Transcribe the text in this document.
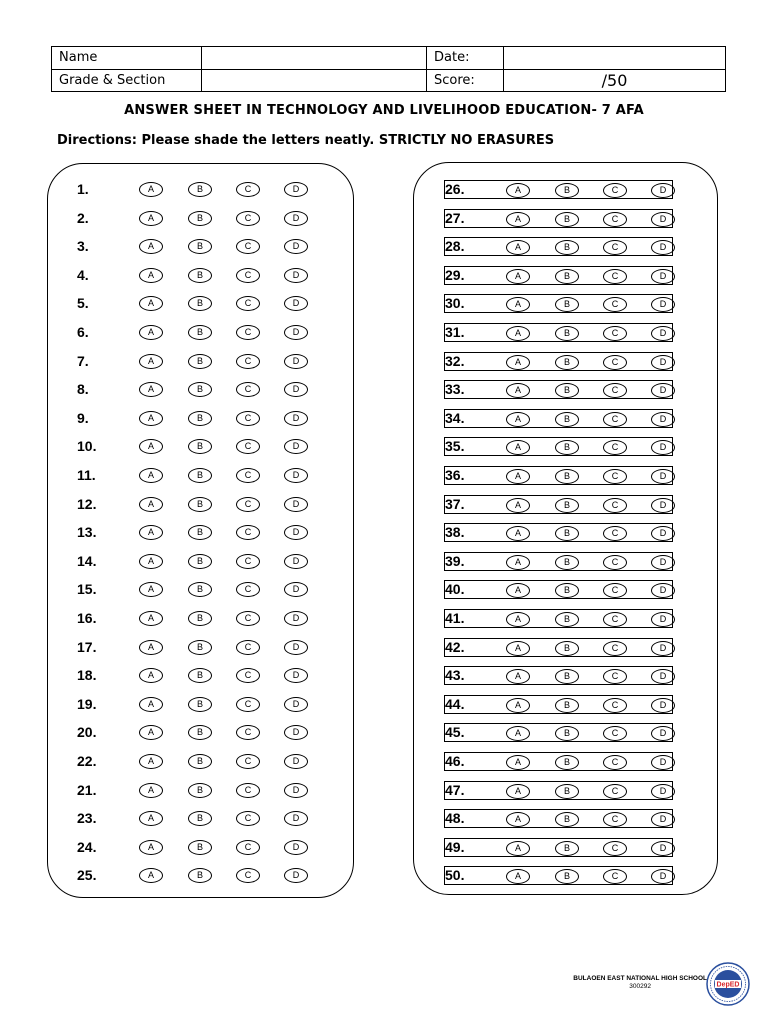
Name		Date:	
Grade & Section		Score:	/50
ANSWER SHEET IN TECHNOLOGY AND LIVELIHOOD EDUCATION- 7 AFA
Directions: Please shade the letters neatly. STRICTLY NO ERASURES
1.	A	B	C	D
2.	A	B	C	D
3.	A	B	C	D
4.	A	B	C	D
5.	A	B	C	D
6.	A	B	C	D
7.	A	B	C	D
8.	A	B	C	D
9.	A	B	C	D
10.	A	B	C	D
11.	A	B	C	D
12.	A	B	C	D
13.	A	B	C	D
14.	A	B	C	D
15.	A	B	C	D
16.	A	B	C	D
17.	A	B	C	D
18.	A	B	C	D
19.	A	B	C	D
20.	A	B	C	D
22.	A	B	C	D
21.	A	B	C	D
23.	A	B	C	D
24.	A	B	C	D
25.	A	B	C	D
26.	A	B	C	D
27.	A	B	C	D
28.	A	B	C	D
29.	A	B	C	D
30.	A	B	C	D
31.	A	B	C	D
32.	A	B	C	D
33.	A	B	C	D
34.	A	B	C	D
35.	A	B	C	D
36.	A	B	C	D
37.	A	B	C	D
38.	A	B	C	D
39.	A	B	C	D
40.	A	B	C	D
41.	A	B	C	D
42.	A	B	C	D
43.	A	B	C	D
44.	A	B	C	D
45.	A	B	C	D
46.	A	B	C	D
47.	A	B	C	D
48.	A	B	C	D
49.	A	B	C	D
50.	A	B	C	D
BULAOEN EAST NATIONAL HIGH SCHOOL
300292	DepED
